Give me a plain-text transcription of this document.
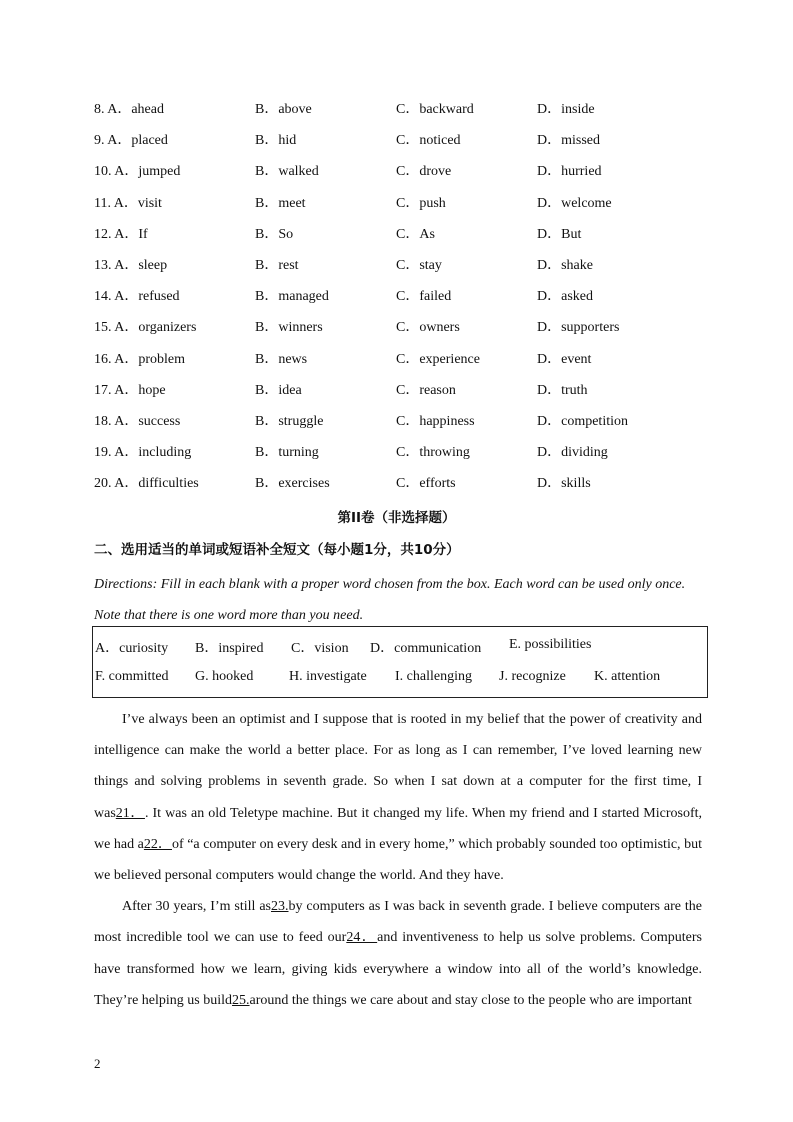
8. A．ahead	B．above	C．backward	D．inside
9. A．placed	B．hid	C．noticed	D．missed
10. A．jumped	B．walked	C．drove	D．hurried
11. A．visit	B．meet	C．push	D．welcome
12. A．If	B．So	C．As	D．But
13. A．sleep	B．rest	C．stay	D．shake
14. A．refused	B．managed	C．failed	D．asked
15. A．organizers	B．winners	C．owners	D．supporters
16. A．problem	B．news	C．experience	D．event
17. A．hope	B．idea	C．reason	D．truth
18. A．success	B．struggle	C．happiness	D．competition
19. A．including	B．turning	C．throwing	D．dividing
20. A．difficulties	B．exercises	C．efforts	D．skills
第II卷（非选择题）
二、选用适当的单词或短语补全短文（每小题1分，共10分）
Directions: Fill in each blank with a proper word chosen from the box. Each word can be used only once. Note that there is one word more than you need.
A．curiosity B．inspired C．vision D．communication E. possibilities
F. committed G. hooked	H. investigate I. challenging J. recognize K. attention

I’ve always been an optimist and I suppose that is rooted in my belief that the power of creativity and intelligence can make the world a better place. For as long as I can remember, I’ve loved learning new things and solving problems in seventh grade. So when I sat down at a computer for the first time, I was21．. It was an old Teletype machine. But it changed my life. When my friend and I started Microsoft, we had a22．of “a computer on every desk and in every home,” which probably sounded too optimistic, but we believed personal computers would change the world. And they have.

After 30 years, I’m still as23.by computers as I was back in seventh grade. I believe computers are the most incredible tool we can use to feed our24．and inventiveness to help us solve problems. Computers have transformed how we learn, giving kids everywhere a window into all of the world’s knowledge. They’re helping us build25.around the things we care about and stay close to the people who are important

2
